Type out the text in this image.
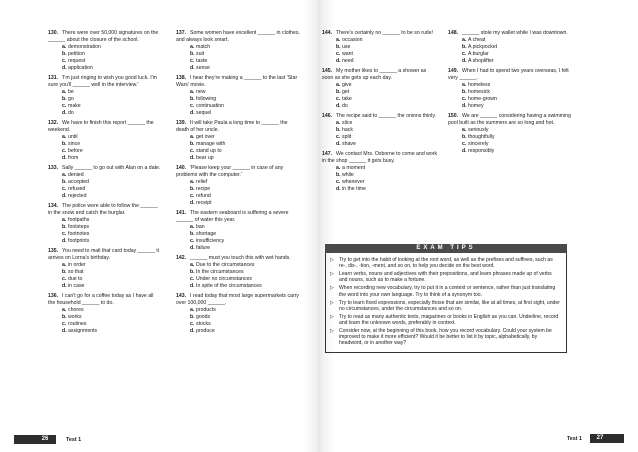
130. There were over 50,000 signatures on the ______ about the closure of the school.
a. demonstration
b.petition
c. request
d.application
131. 'I'm just ringing to wish you good luck. I'm sure you'll ______ well in the interview.'
a. be
b.go
c. make
d.do
132. We have to finish this report ______ the weekend.
a. until
b.since
c. before
d.from
133. Sally ______ to go out with Alan on a date.
a. denied
b.accepted
c. refused
d.rejected
134. The police were able to follow the ______ in the snow and catch the burglar.
a. footpaths
b.footsteps
c. footnotes
d.footprints
135. You need to mail that card today ______ it arrives on Lorna's birthday.
a. in order
b.so that
c. due to
d.in case
136. I can't go for a coffee today as I have all the household ______ to do.
a. chores
b.works
c. routines
d.assignments
137. Some women have excellent ______ in clothes, and always look smart.
a. match
b.suit
c. taste
d.sense
138. I hear they're making a ______ to the last 'Star Wars' movie.
a. new
b.following
c. continuation
d.sequel
139. It will take Paula a long time to ______ the death of her uncle.
a. get over
b.manage with
c. stand up to
d.bear up
140. 'Please keep your ______ in case of any problems with the computer.'
a. relief
b.recipe
c. refund
d.receipt
141. The eastern seaboard is suffering a severe ______ of water this year.
a. ban
b.shortage
c. insufficiency
d.failure
142. ______ must you touch this with wet hands.
a. Due to the circumstances
b.In the circumstances
c. Under no circumstances
d.In spite of the circumstances
143. I read today that most large supermarkets carry over 100,000 ______.
a. products
b.goods
c. stocks
d.produce
144. There's certainly no ______ to be so rude!
a. occasion
b.use
c. want
d.need
145. My mother likes to ______ a shower as soon as she gets up each day.
a. give
b.get
c. take
d.do
146. The recipe said to ______ the onions thinly.
a. slice
b.hack
c. split
d.shave
147. We contact Mrs. Osborne to come and work in the shop ______ it gets busy.
a. a moment
b.while
c. whenever
d.in the time
148. ______ stole my wallet while I was downtown.
a. A cheat
b.A pickpocket
c. A burglar
d.A shoplifter
149. When I had to spend two years overseas, I felt very ______.
a. homeless
b.homesick
c. home-grown
d.homey
150. We are ______ considering having a swimming pool built as the summers are so long and hot.
a. seriously
b.thoughtfully
c. sincerely
d.responsibly
EXAM TIPS
▷ Try to get into the habit of looking at the root word, as well as the prefixes and suffixes, such as re-, dis-, -tion, -ment, and so on, to help you decide on the best word.
▷ Learn verbs, nouns and adjectives with their prepositions, and learn phrases made up of verbs and nouns, such as to make a fortune.
▷ When recording new vocabulary, try to put it in a context or sentence, rather than just translating the word into your own language. Try to think of a synonym too.
▷ Try to learn fixed expressions, especially those that are similar, like at all times, at first sight, under no circumstances, under the circumstances and so on.
▷ Try to read as many authentic texts, magazines or books in English as you can. Underline, record and learn the unknown words, preferably in context.
▷ Consider now, at the beginning of this book, how you record vocabulary. Could your system be improved to make it more efficient? Would it be better to list it by topic, alphabetically, by headword, or in another way?
26	Test 1	Test 1	27
